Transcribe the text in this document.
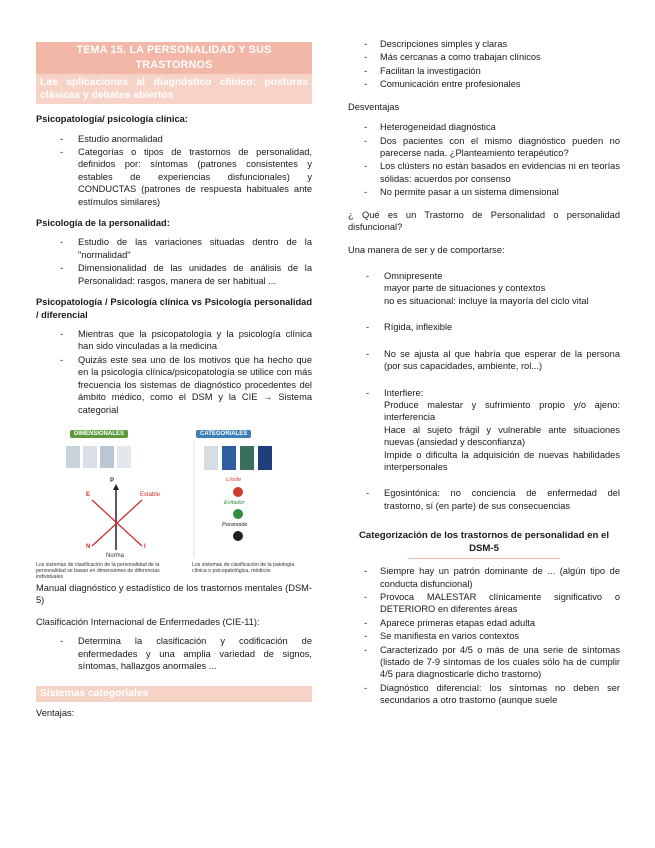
TEMA 15. LA PERSONALIDAD Y SUS TRASTORNOS
Las aplicaciones al diagnóstico clínico: posturas clásicas y debates abiertos
Psicopatología/ psicología clínica:
- Estudio anormalidad
- Categorías o tipos de trastornos de personalidad, definidos por: síntomas (patrones consistentes y estables de experiencias disfuncionales) y CONDUCTAS (patrones de respuesta habituales ante estímulos similares)
Psicología de la personalidad:
- Estudio de las variaciones situadas dentro de la "normalidad"
- Dimensionalidad de las unidades de análisis de la Personalidad: rasgos, manera de ser habitual ...
Psicopatología / Psicología clínica vs Psicología personalidad / diferencial
- Mientras que la psicopatología y la psicología clínica han sido vinculadas a la medicina
- Quizás este sea uno de los motivos que ha hecho que en la psicología clínica/psicopatología se utilice con más frecuencia los sistemas de diagnóstico procedentes del ámbito médico, como el DSM y la CIE → Sistema categorial
DIMENSIONALES	CATEGORIALES
P
E
N	I
Estable
Norma
Límite
Evitador
Paranoide
Los sistemas de clasificación de la personalidad de la personalidad se basan en dimensiones de diferencias individuales
Los sistemas de clasificación de la patología clínica o psicopatológica, médicos
Manual diagnóstico y estadístico de los trastornos mentales (DSM-5)
Clasificación Internacional de Enfermedades (CIE-11):
- Determina la clasificación y codificación de enfermedades y una amplia variedad de signos, síntomas, hallazgos anormales ...
Sistemas categoriales
Ventajas:
- Descripciones simples y claras
- Más cercanas a como trabajan clínicos
- Facilitan la investigación
- Comunicación entre profesionales
Desventajas
- Heterogeneidad diagnóstica
- Dos pacientes con el mismo diagnóstico pueden no parecerse nada. ¿Planteamiento terapéutico?
- Los clústers no están basados en evidencias ni en teorías sólidas: acuerdos por consenso
- No permite pasar a un sistema dimensional
¿ Qué es un Trastorno de Personalidad o personalidad disfuncional?
Una manera de ser y de comportarse:
- Omnipresente
mayor parte de situaciones y contextos
no es situacional: incluye la mayoría del ciclo vital
- Rígida, inflexible
- No se ajusta al que habría que esperar de la persona (por sus capacidades, ambiente, rol...)
- Interfiere:
Produce malestar y sufrimiento propio y/o ajeno: interferencia
Hace al sujeto frágil y vulnerable ante situaciones nuevas (ansiedad y desconfianza)
Impide o dificulta la adquisición de nuevas habilidades interpersonales
- Egosintónica: no conciencia de enfermedad del trastorno, sí (en parte) de sus consecuencias
Categorización de los trastornos de personalidad en el DSM-5
- Siempre hay un patrón dominante de ... (algún tipo de conducta disfuncional)
- Provoca MALESTAR clínicamente significativo o DETERIORO en diferentes áreas
- Aparece primeras etapas edad adulta
- Se manifiesta en varios contextos
- Caracterizado por 4/5 o más de una serie de síntomas (listado de 7-9 síntomas de los cuales sólo ha de cumplir 4/5 para diagnosticarle dicho trastorno)
- Diagnóstico diferencial: los síntomas no deben ser secundarios a otro trastorno (aunque suele
